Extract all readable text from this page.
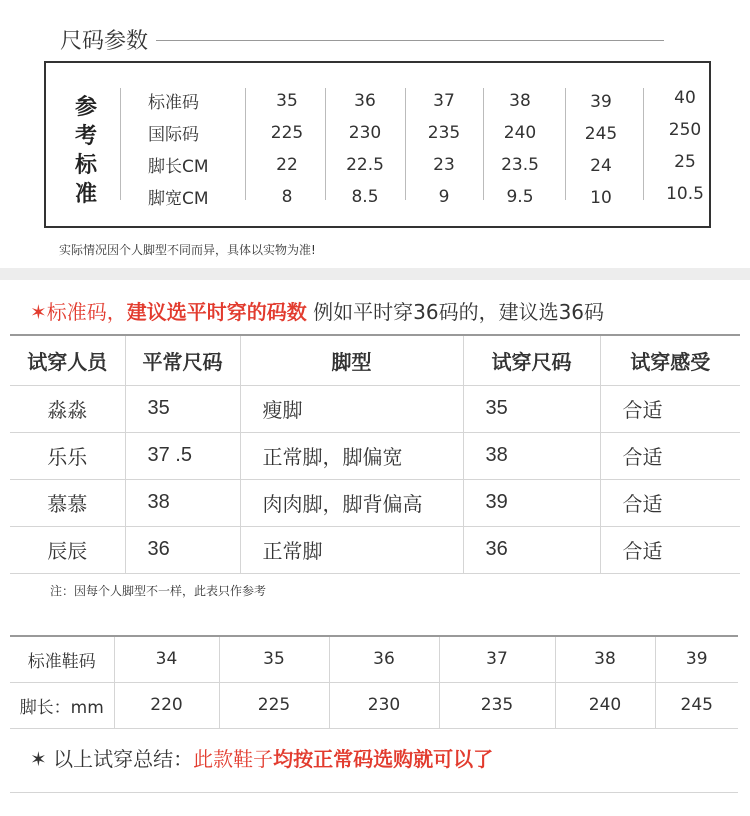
尺码参数
参
考
标
准
标准码	35	36	37	38	39	40
国际码	225	230	235	240	245	250
脚长CM	22	22.5	23	23.5	24	25
脚宽CM	8	8.5	9	9.5	10	10.5
实际情况因个人脚型不同而异，具体以实物为准!
✶标准码，建议选平时穿的码数 例如平时穿36码的，建议选36码
试穿人员	平常尺码	脚型	试穿尺码	试穿感受
淼淼	35	瘦脚	35	合适
乐乐	37 .5	正常脚，脚偏宽	38	合适
慕慕	38	肉肉脚，脚背偏高	39	合适
辰辰	36	正常脚	36	合适
注：因每个人脚型不一样，此表只作参考
标准鞋码	34	35	36	37	38	39
脚长：mm	220	225	230	235	240	245
✶ 以上试穿总结：此款鞋子均按正常码选购就可以了
